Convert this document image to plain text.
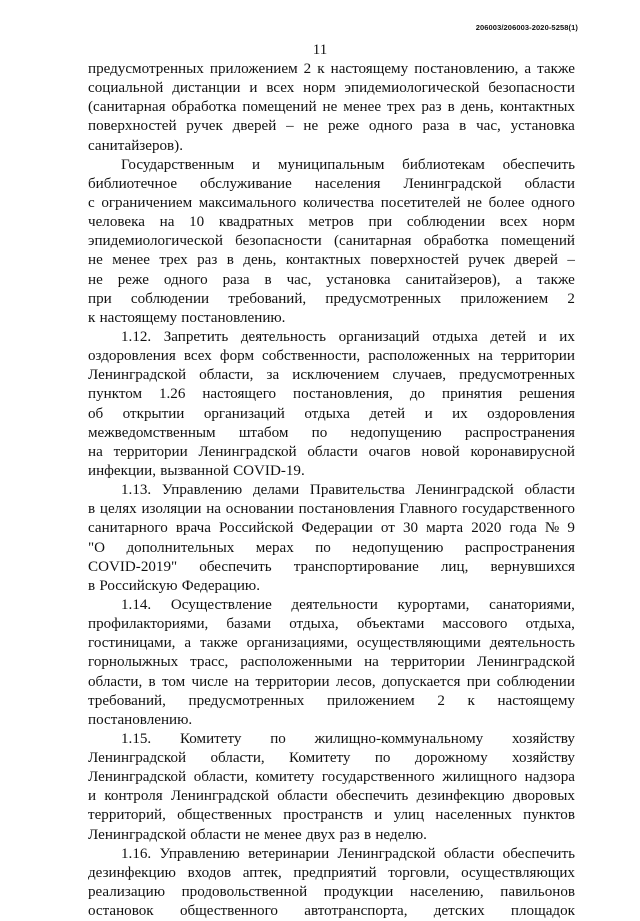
206003/206003-2020-5258(1)
11
предусмотренных приложением 2 к настоящему постановлению, а также
социальной дистанции и всех норм эпидемиологической безопасности
(санитарная обработка помещений не менее трех раз в день, контактных
поверхностей ручек дверей – не реже одного раза в час, установка
санитайзеров).
Государственным и муниципальным библиотекам обеспечить
библиотечное обслуживание населения Ленинградской области
с ограничением максимального количества посетителей не более одного
человека на 10 квадратных метров при соблюдении всех норм
эпидемиологической безопасности (санитарная обработка помещений
не менее трех раз в день, контактных поверхностей ручек дверей –
не реже одного раза в час, установка санитайзеров), а также
при соблюдении требований, предусмотренных приложением 2
к настоящему постановлению.
1.12. Запретить деятельность организаций отдыха детей и их
оздоровления всех форм собственности, расположенных на территории
Ленинградской области, за исключением случаев, предусмотренных
пунктом 1.26 настоящего постановления, до принятия решения
об открытии организаций отдыха детей и их оздоровления
межведомственным штабом по недопущению распространения
на территории Ленинградской области очагов новой коронавирусной
инфекции, вызванной COVID-19.
1.13. Управлению делами Правительства Ленинградской области
в целях изоляции на основании постановления Главного государственного
санитарного врача Российской Федерации от 30 марта 2020 года № 9
"О дополнительных мерах по недопущению распространения
COVID-2019" обеспечить транспортирование лиц, вернувшихся
в Российскую Федерацию.
1.14. Осуществление деятельности курортами, санаториями,
профилакториями, базами отдыха, объектами массового отдыха,
гостиницами, а также организациями, осуществляющими деятельность
горнолыжных трасс, расположенными на территории Ленинградской
области, в том числе на территории лесов, допускается при соблюдении
требований, предусмотренных приложением 2 к настоящему
постановлению.
1.15. Комитету по жилищно-коммунальному хозяйству
Ленинградской области, Комитету по дорожному хозяйству
Ленинградской области, комитету государственного жилищного надзора
и контроля Ленинградской области обеспечить дезинфекцию дворовых
территорий, общественных пространств и улиц населенных пунктов
Ленинградской области не менее двух раз в неделю.
1.16. Управлению ветеринарии Ленинградской области обеспечить
дезинфекцию входов аптек, предприятий торговли, осуществляющих
реализацию продовольственной продукции населению, павильонов
остановок общественного автотранспорта, детских площадок
